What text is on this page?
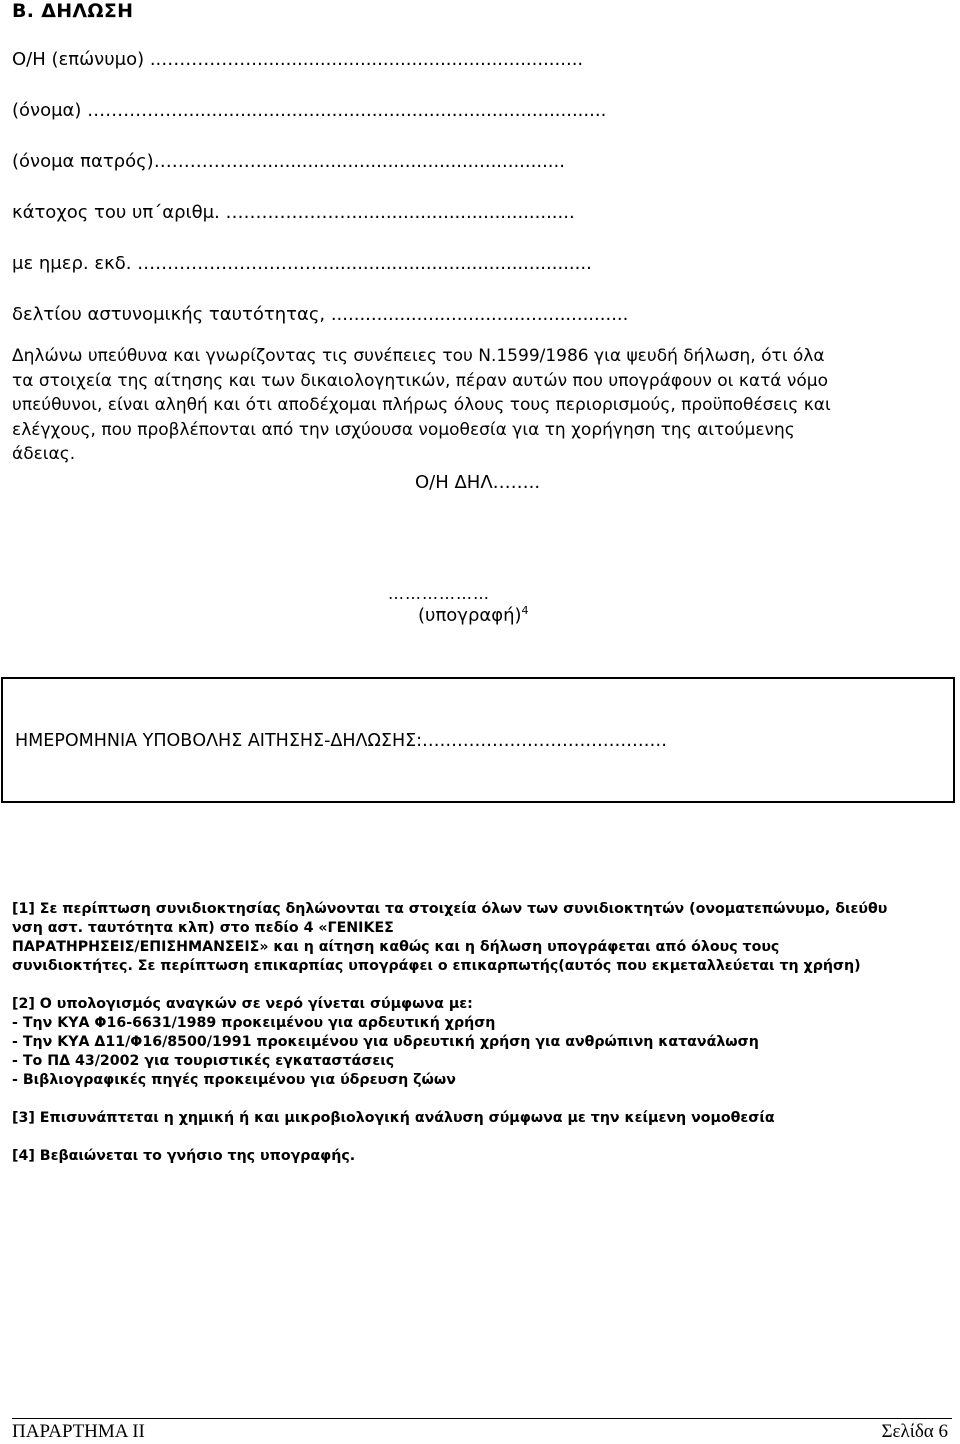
Β. ΔΗΛΩΣΗ
Ο/Η (επώνυμο) ..……………..........................................................
(όνομα) ……………...........................................................................
(όνομα πατρός)……………….....................................................
κάτοχος του υπ΄αριθμ. ………………….......................................
με ημερ. εκδ. ………………….………...............................................
δελτίου αστυνομικής ταυτότητας, ....................................................
Δηλώνω υπεύθυνα και γνωρίζοντας τις συνέπειες του Ν.1599/1986 για ψευδή δήλωση, ότι όλα
τα στοιχεία της αίτησης και των δικαιολογητικών, πέραν αυτών που υπογράφουν οι κατά νόμο
υπεύθυνοι, είναι αληθή και ότι αποδέχομαι πλήρως όλους τους περιορισμούς, προϋποθέσεις και
ελέγχους, που προβλέπονται από την ισχύουσα νομοθεσία για τη χορήγηση της αιτούμενης
άδειας.
Ο/Η ΔΗΛ……..
………………
$(\upsilon\pi o\gamma\rho\alpha\varphi ή)^4$
ΗΜΕΡΟΜΗΝΙΑ ΥΠΟΒΟΛΗΣ ΑΙΤΗΣΗΣ-ΔΗΛΩΣΗΣ:……………………………………
[1] Σε περίπτωση συνιδιοκτησίας δηλώνονται τα στοιχεία όλων των συνιδιοκτητών (ονοματεπώνυμο, διεύθυ
νση αστ. ταυτότητα κλπ) στο πεδίο 4 «ΓΕΝΙΚΕΣ
ΠΑΡΑΤΗΡΗΣΕΙΣ/ΕΠΙΣΗΜΑΝΣΕΙΣ» και η αίτηση καθώς και η δήλωση υπογράφεται από όλους τους
συνιδιοκτήτες. Σε περίπτωση επικαρπίας υπογράφει ο επικαρπωτής(αυτός που εκμεταλλεύεται τη χρήση)
[2] Ο υπολογισμός αναγκών σε νερό γίνεται σύμφωνα με:
- Την ΚΥΑ Φ16-6631/1989 προκειμένου για αρδευτική χρήση
- Την ΚΥΑ Δ11/Φ16/8500/1991 προκειμένου για υδρευτική χρήση για ανθρώπινη κατανάλωση
- Το ΠΔ 43/2002 για τουριστικές εγκαταστάσεις
- Βιβλιογραφικές πηγές προκειμένου για ύδρευση ζώων
[3] Επισυνάπτεται η χημική ή και μικροβιολογική ανάλυση σύμφωνα με την κείμενη νομοθεσία
[4] Βεβαιώνεται το γνήσιο της υπογραφής.
ΠΑΡΑΡΤΗΜΑ ΙΙ	Σελίδα 6
